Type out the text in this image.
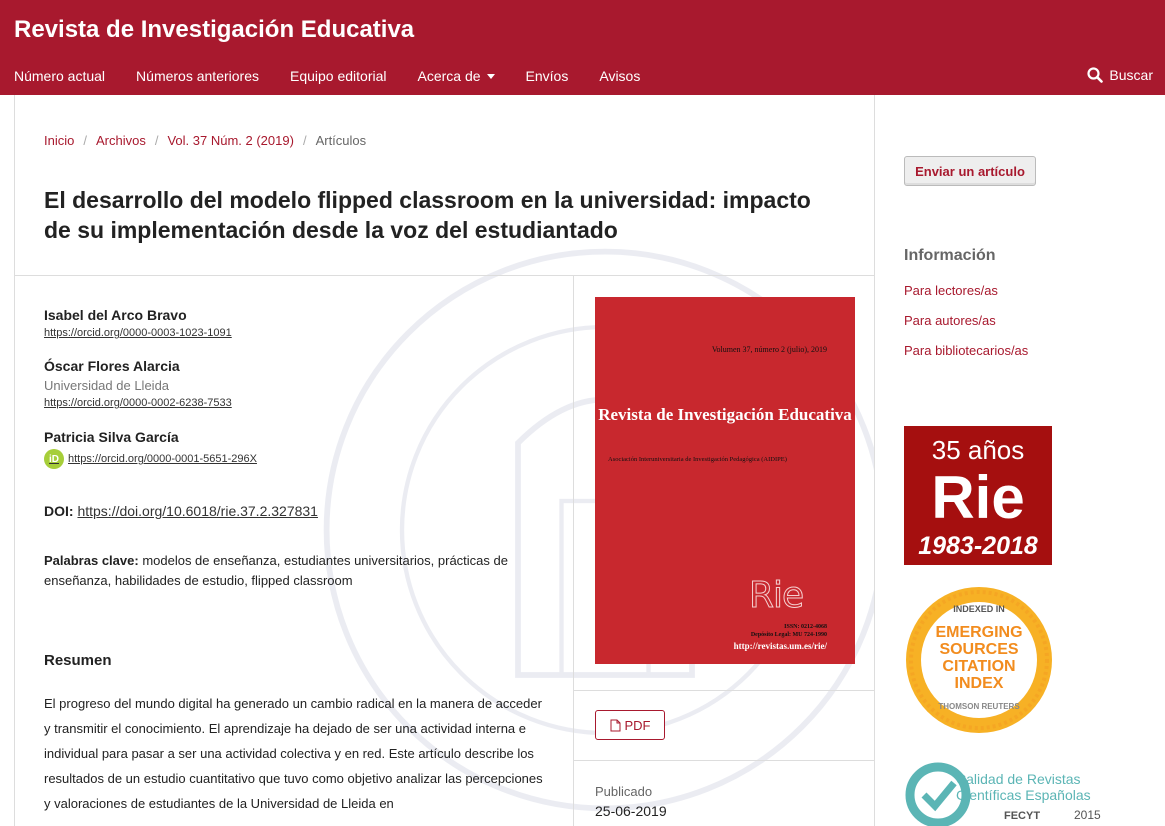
Revista de Investigación Educativa
Número actual Números anteriores Equipo editorial Acerca de	Envíos Avisos	Buscar
Inicio / Archivos / Vol. 37 Núm. 2 (2019) / Artículos
El desarrollo del modelo flipped classroom en la universidad: impacto de su implementación desde la voz del estudiantado
Isabel del Arco Bravo
https://orcid.org/0000-0003-1023-1091
Óscar Flores Alarcia
Universidad de Lleida
https://orcid.org/0000-0002-6238-7533
Patricia Silva García
iD https://orcid.org/0000-0001-5651-296X
DOI: https://doi.org/10.6018/rie.37.2.327831
Palabras clave: modelos de enseñanza, estudiantes universitarios, prácticas de enseñanza, habilidades de estudio, flipped classroom
Resumen

El progreso del mundo digital ha generado un cambio radical en la manera de acceder y transmitir el conocimiento. El aprendizaje ha dejado de ser una actividad interna e individual para pasar a ser una actividad colectiva y en red. Este artículo describe los resultados de un estudio cuantitativo que tuvo como objetivo analizar las percepciones y valoraciones de estudiantes de la Universidad de Lleida en

Volumen 37, número 2 (julio), 2019
Revista de Investigación Educativa
Asociación Interuniversitaria de Investigación Pedagógica (AIDIPE)
Rie
ISSN: 0212-4068
Depósito Legal: MU 724-1990
http://revistas.um.es/rie/
PDF
Publicado
25-06-2019
Enviar un artículo
Información
Para lectores/as
Para autores/as
Para bibliotecarios/as
35 años
Rie
1983-2018
INDEXED IN
EMERGING
SOURCES
CITATION
INDEX
THOMSON REUTERS
Calidad de Revistas
Científicas Españolas
FECYT	2015
